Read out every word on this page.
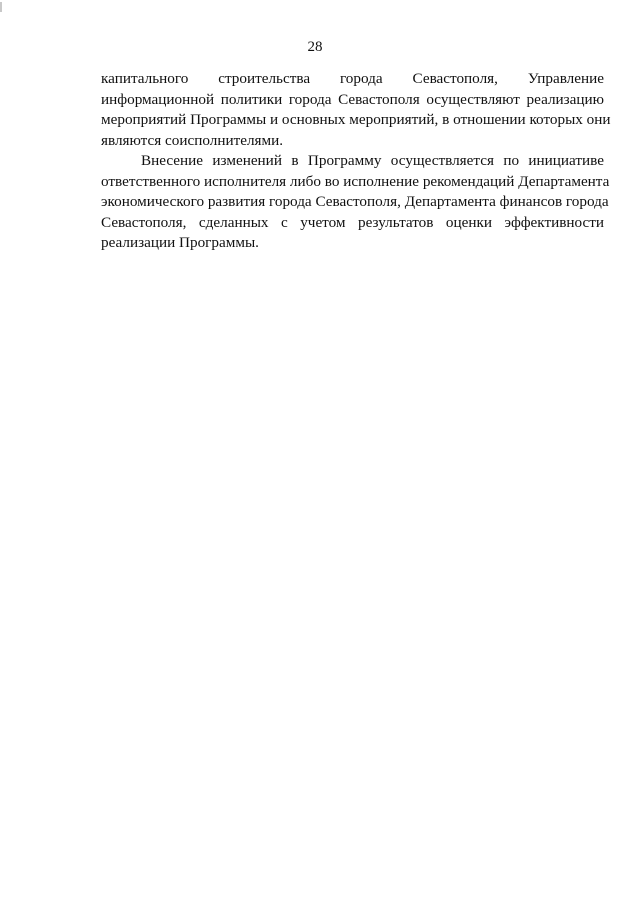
28
капитального строительства города Севастополя, Управление
информационной политики города Севастополя осуществляют реализацию
мероприятий Программы и основных мероприятий, в отношении которых они
являются соисполнителями.
Внесение изменений в Программу осуществляется по инициативе
ответственного исполнителя либо во исполнение рекомендаций Департамента
экономического развития города Севастополя, Департамента финансов города
Севастополя, сделанных с учетом результатов оценки эффективности
реализации Программы.
